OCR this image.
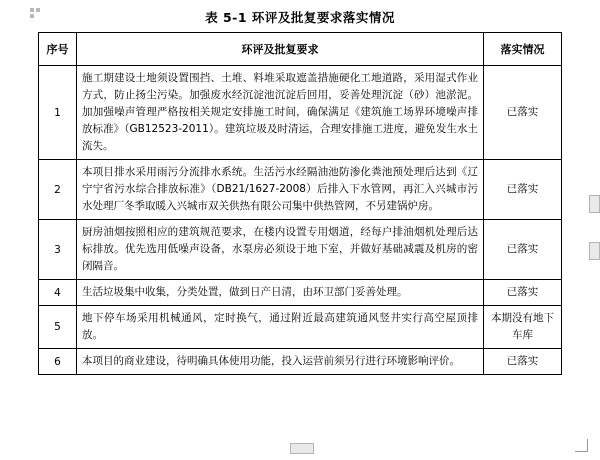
表 5-1 环评及批复要求落实情况
序号	环评及批复要求	落实情况
1	施工期建设土地须设置围挡、土堆、料堆采取遮盖措施硬化工地道路，采用湿式作业方式，防止扬尘污染。加强废水经沉淀池沉淀后回用，妥善处理沉淀（砂）池淤泥。加加强噪声管理严格按相关规定安排施工时间，确保满足《建筑施工场界环境噪声排放标准》（GB12523-2011）。建筑垃圾及时清运，合理安排施工进度，避免发生水土流失。	已落实
2	本项目排水采用雨污分流排水系统。生活污水经隔油池防渗化粪池预处理后达到《辽宁宁省污水综合排放标准》（DB21/1627-2008）后排入下水管网，再汇入兴城市污水处理厂冬季取暖入兴城市双关供热有限公司集中供热管网，不另建锅炉房。	已落实
3	厨房油烟按照相应的建筑规范要求，在楼内设置专用烟道，经每户排油烟机处理后达标排放。优先选用低噪声设备，水泵房必须设于地下室，并做好基础减震及机房的密闭隔音。	已落实
4	生活垃圾集中收集，分类处置，做到日产日清，由环卫部门妥善处理。	已落实
5	地下停车场采用机械通风，定时换气，通过附近最高建筑通风竖井实行高空屋顶排放。	本期没有地下车库
6	本项目的商业建设，待明确具体使用功能，投入运营前须另行进行环境影响评价。	已落实
